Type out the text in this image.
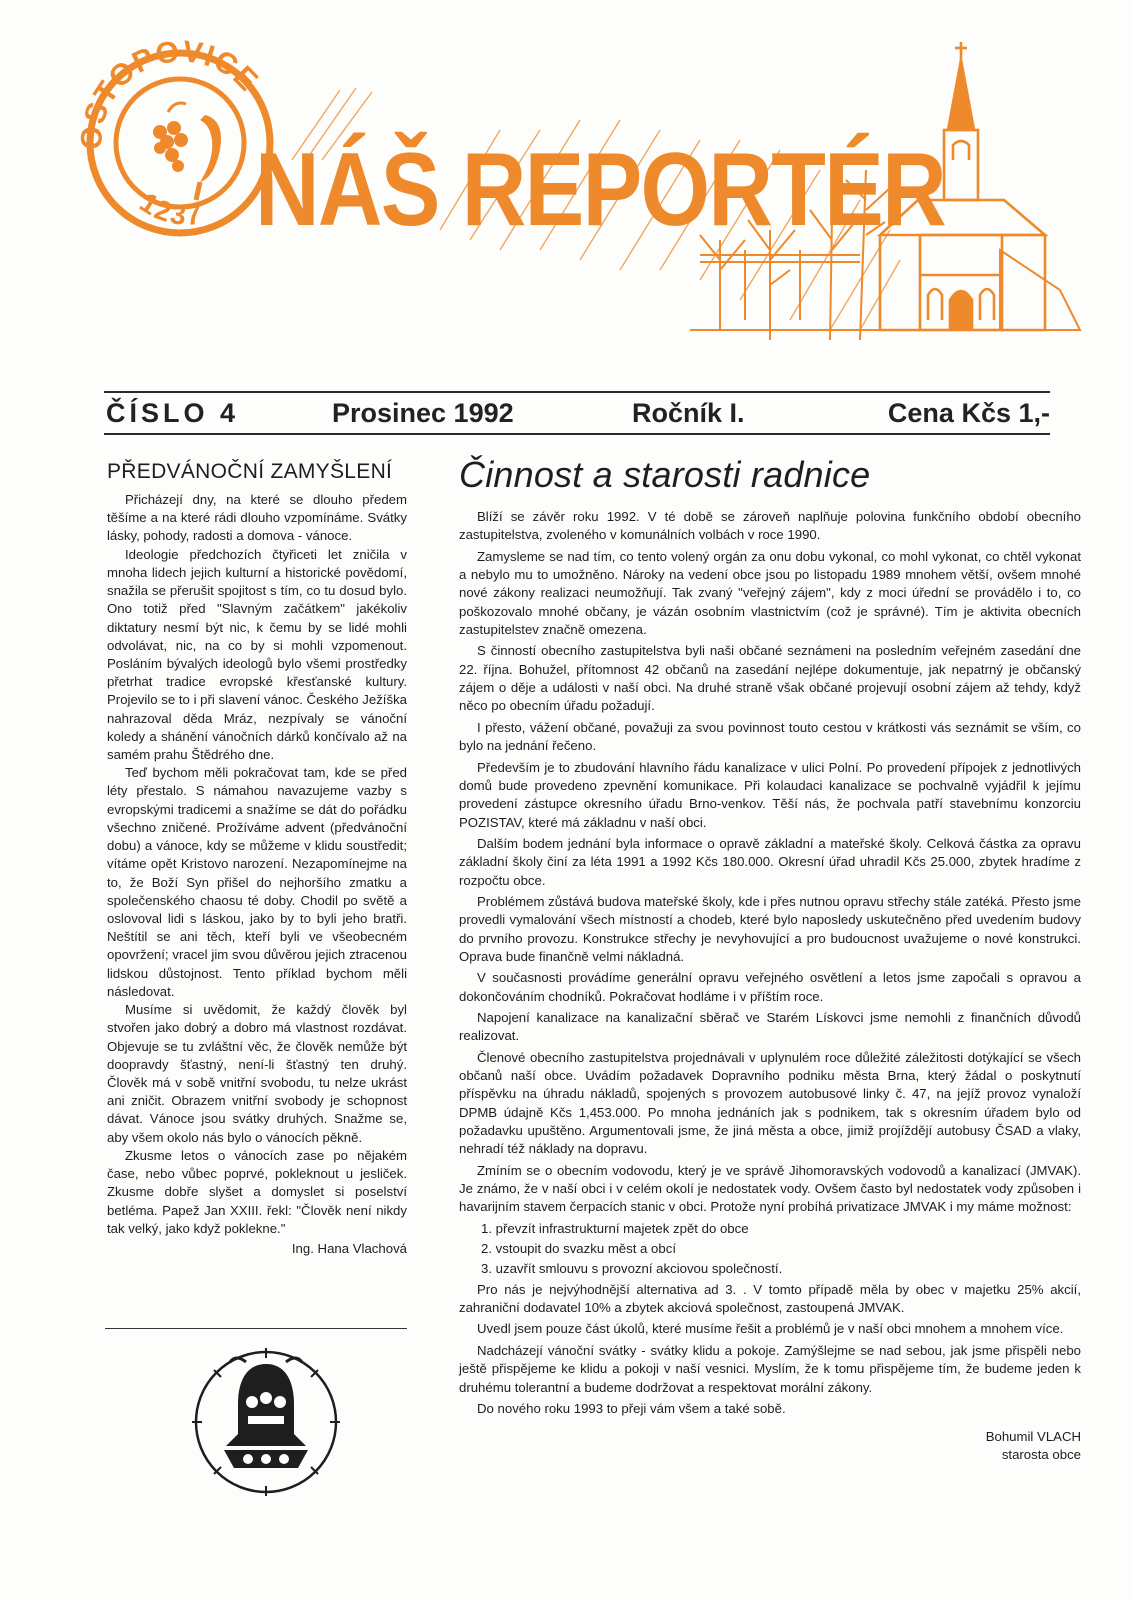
OSTOPOVICE
1237 NÁŠ REPORTÉR
ČÍSLO 4	Prosinec 1992	Ročník I.	Cena Kčs 1,-
PŘEDVÁNOČNÍ ZAMYŠLENÍ

Přicházejí dny, na které se dlouho předem těšíme a na které rádi dlouho vzpomínáme. Svátky lásky, pohody, radosti a domova - vánoce.

Ideologie předchozích čtyřiceti let zničila v mnoha lidech jejich kulturní a historické povědomí, snažila se přerušit spojitost s tím, co tu dosud bylo. Ono totiž před "Slavným začátkem" jakékoliv diktatury nesmí být nic, k čemu by se lidé mohli odvolávat, nic, na co by si mohli vzpomenout. Posláním bývalých ideologů bylo všemi prostředky přetrhat tradice evropské křesťanské kultury. Projevilo se to i při slavení vánoc. Českého Ježíška nahrazoval děda Mráz, nezpívaly se vánoční koledy a shánění vánočních dárků končívalo až na samém prahu Štědrého dne.

Teď bychom měli pokračovat tam, kde se před léty přestalo. S námahou navazujeme vazby s evropskými tradicemi a snažíme se dát do pořádku všechno zničené. Prožíváme advent (předvánoční dobu) a vánoce, kdy se můžeme v klidu soustředit; vítáme opět Kristovo narození. Nezapomínejme na to, že Boží Syn přišel do nejhoršího zmatku a společenského chaosu té doby. Chodil po světě a oslovoval lidi s láskou, jako by to byli jeho bratři. Neštítil se ani těch, kteří byli ve všeobecném opovržení; vracel jim svou důvěrou jejich ztracenou lidskou důstojnost. Tento příklad bychom měli následovat.

Musíme si uvědomit, že každý člověk byl stvořen jako dobrý a dobro má vlastnost rozdávat. Objevuje se tu zvláštní věc, že člověk nemůže být doopravdy šťastný, není-li šťastný ten druhý. Člověk má v sobě vnitřní svobodu, tu nelze ukrást ani zničit. Obrazem vnitřní svobody je schopnost dávat. Vánoce jsou svátky druhých. Snažme se, aby všem okolo nás bylo o vánocích pěkně.

Zkusme letos o vánocích zase po nějakém čase, nebo vůbec poprvé, pokleknout u jesliček. Zkusme dobře slyšet a domyslet si poselství betléma. Papež Jan XXIII. řekl: "Člověk není nikdy tak velký, jako když poklekne."

Ing. Hana Vlachová
Činnost a starosti radnice

Blíží se závěr roku 1992. V té době se zároveň naplňuje polovina funkčního období obecního zastupitelstva, zvoleného v komunálních volbách v roce 1990.

Zamysleme se nad tím, co tento volený orgán za onu dobu vykonal, co mohl vykonat, co chtěl vykonat a nebylo mu to umožněno. Nároky na vedení obce jsou po listopadu 1989 mnohem větší, ovšem mnohé nové zákony realizaci neumožňují. Tak zvaný "veřejný zájem", kdy z moci úřední se provádělo i to, co poškozovalo mnohé občany, je vázán osobním vlastnictvím (což je správné). Tím je aktivita obecních zastupitelstev značně omezena.

S činností obecního zastupitelstva byli naši občané seznámeni na posledním veřejném zasedání dne 22. října. Bohužel, přítomnost 42 občanů na zasedání nejlépe dokumentuje, jak nepatrný je občanský zájem o děje a události v naší obci. Na druhé straně však občané projevují osobní zájem až tehdy, když něco po obecním úřadu požadují.

I přesto, vážení občané, považuji za svou povinnost touto cestou v krátkosti vás seznámit se vším, co bylo na jednání řečeno.

Především je to zbudování hlavního řádu kanalizace v ulici Polní. Po provedení přípojek z jednotlivých domů bude provedeno zpevnění komunikace. Při kolaudaci kanalizace se pochvalně vyjádřil k jejímu provedení zástupce okresního úřadu Brno-venkov. Těší nás, že pochvala patří stavebnímu konzorciu POZISTAV, které má základnu v naší obci.

Dalším bodem jednání byla informace o opravě základní a mateřské školy. Celková částka za opravu základní školy činí za léta 1991 a 1992 Kčs 180.000. Okresní úřad uhradil Kčs 25.000, zbytek hradíme z rozpočtu obce.

Problémem zůstává budova mateřské školy, kde i přes nutnou opravu střechy stále zatéká. Přesto jsme provedli vymalování všech místností a chodeb, které bylo naposledy uskutečněno před uvedením budovy do prvního provozu. Konstrukce střechy je nevyhovující a pro budoucnost uvažujeme o nové konstrukci. Oprava bude finančně velmi nákladná.

V současnosti provádíme generální opravu veřejného osvětlení a letos jsme započali s opravou a dokončováním chodníků. Pokračovat hodláme i v příštím roce.

Napojení kanalizace na kanalizační sběrač ve Starém Lískovci jsme nemohli z finančních důvodů realizovat.

Členové obecního zastupitelstva projednávali v uplynulém roce důležité záležitosti dotýkající se všech občanů naší obce. Uvádím požadavek Dopravního podniku města Brna, který žádal o poskytnutí příspěvku na úhradu nákladů, spojených s provozem autobusové linky č. 47, na jejíž provoz vynaloží DPMB údajně Kčs 1,453.000. Po mnoha jednáních jak s podnikem, tak s okresním úřadem bylo od požadavku upuštěno. Argumentovali jsme, že jiná města a obce, jimiž projíždějí autobusy ČSAD a vlaky, nehradí též náklady na dopravu.

Zmíním se o obecním vodovodu, který je ve správě Jihomoravských vodovodů a kanalizací (JMVAK). Je známo, že v naší obci i v celém okolí je nedostatek vody. Ovšem často byl nedostatek vody způsoben i havarijním stavem čerpacích stanic v obci. Protože nyní probíhá privatizace JMVAK i my máme možnost:

1. převzít infrastrukturní majetek zpět do obce
2. vstoupit do svazku měst a obcí
3. uzavřít smlouvu s provozní akciovou společností.

Pro nás je nejvýhodnější alternativa ad 3. . V tomto případě měla by obec v majetku 25% akcií, zahraniční dodavatel 10% a zbytek akciová společnost, zastoupená JMVAK.

Uvedl jsem pouze část úkolů, které musíme řešit a problémů je v naší obci mnohem a mnohem více.

Nadcházejí vánoční svátky - svátky klidu a pokoje. Zamýšlejme se nad sebou, jak jsme přispěli nebo ještě přispějeme ke klidu a pokoji v naší vesnici. Myslím, že k tomu přispějeme tím, že budeme jeden k druhému tolerantní a budeme dodržovat a respektovat morální zákony.

Do nového roku 1993 to přeji vám všem a také sobě.

Bohumil VLACH
starosta obce
